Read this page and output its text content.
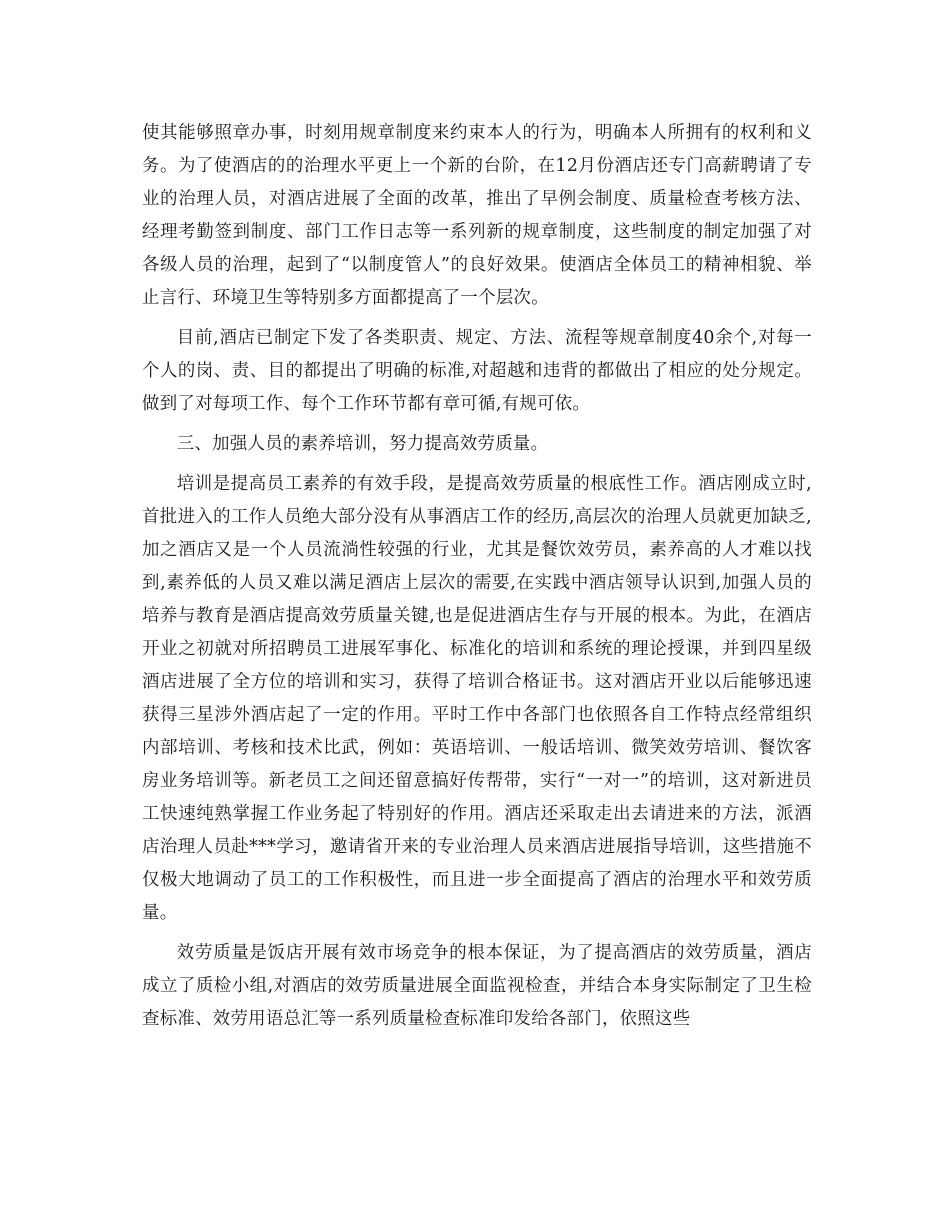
使其能够照章办事，时刻用规章制度来约束本人的行为，明确本人所拥有的权利和义务。为了使酒店的的治理水平更上一个新的台阶，在12月份酒店还专门高薪聘请了专业的治理人员，对酒店进展了全面的改革，推出了早例会制度、质量检查考核方法、经理考勤签到制度、部门工作日志等一系列新的规章制度，这些制度的制定加强了对各级人员的治理，起到了“以制度管人”的良好效果。使酒店全体员工的精神相貌、举止言行、环境卫生等特别多方面都提高了一个层次。

目前,酒店已制定下发了各类职责、规定、方法、流程等规章制度40余个,对每一个人的岗、责、目的都提出了明确的标准,对超越和违背的都做出了相应的处分规定。做到了对每项工作、每个工作环节都有章可循,有规可依。

三、加强人员的素养培训，努力提高效劳质量。

培训是提高员工素养的有效手段，是提高效劳质量的根底性工作。酒店刚成立时,首批进入的工作人员绝大部分没有从事酒店工作的经历,高层次的治理人员就更加缺乏,加之酒店又是一个人员流淌性较强的行业，尤其是餐饮效劳员，素养高的人才难以找到,素养低的人员又难以满足酒店上层次的需要,在实践中酒店领导认识到,加强人员的培养与教育是酒店提高效劳质量关键,也是促进酒店生存与开展的根本。为此，在酒店开业之初就对所招聘员工进展军事化、标准化的培训和系统的理论授课，并到四星级酒店进展了全方位的培训和实习，获得了培训合格证书。这对酒店开业以后能够迅速获得三星涉外酒店起了一定的作用。平时工作中各部门也依照各自工作特点经常组织内部培训、考核和技术比武，例如：英语培训、一般话培训、微笑效劳培训、餐饮客房业务培训等。新老员工之间还留意搞好传帮带，实行“一对一”的培训，这对新进员工快速纯熟掌握工作业务起了特别好的作用。酒店还采取走出去请进来的方法，派酒店治理人员赴***学习，邀请省开来的专业治理人员来酒店进展指导培训，这些措施不仅极大地调动了员工的工作积极性，而且进一步全面提高了酒店的治理水平和效劳质量。

效劳质量是饭店开展有效市场竞争的根本保证，为了提高酒店的效劳质量，酒店成立了质检小组,对酒店的效劳质量进展全面监视检查，并结合本身实际制定了卫生检查标准、效劳用语总汇等一系列质量检查标准印发给各部门，依照这些
